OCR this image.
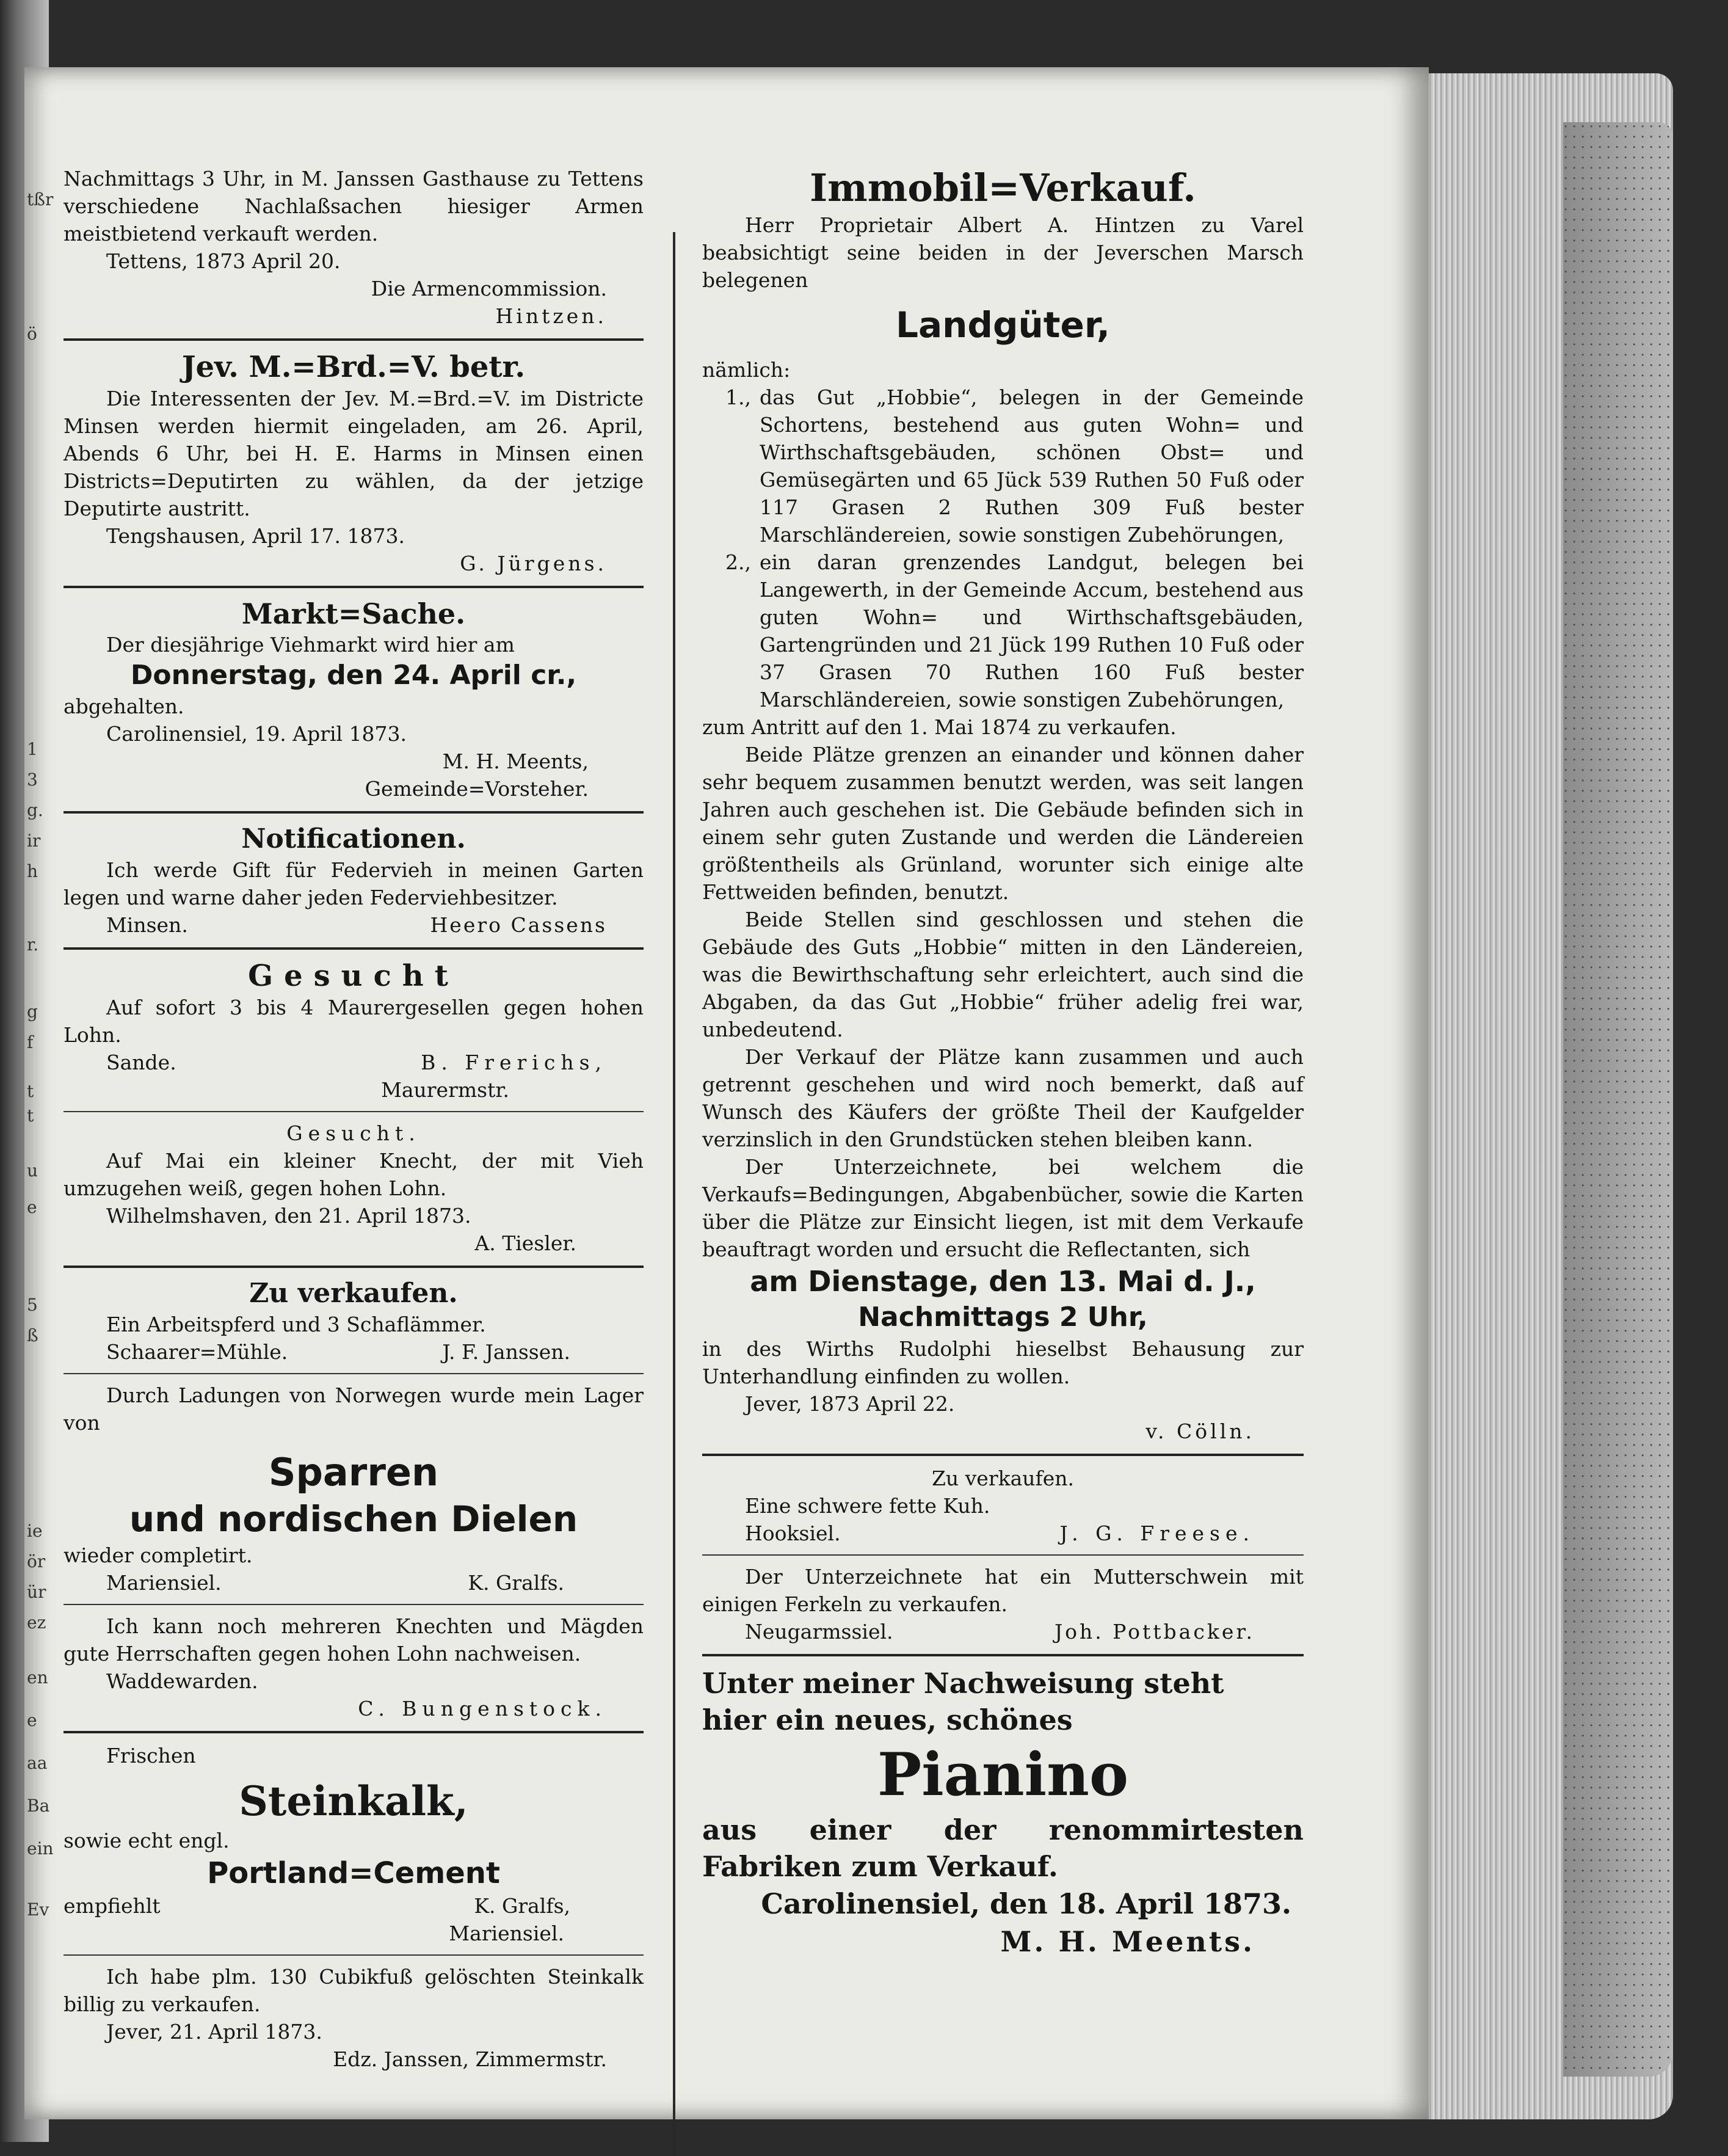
tßr
ö
1
3
g.
ir
h
r.
g
f
t
t
u
e
5
ß
ie
ör
ür
ez
en
e
aa
Ba
ein
Ev

Nachmittags 3 Uhr, in M. Janssen Gasthause zu Tettens verschiedene Nachlaßsachen hiesiger Armen meistbietend verkauft werden.

Tettens, 1873 April 20.

Die Armencommission.

Hintzen.

Jev. M.=Brd.=V. betr.

Die Interessenten der Jev. M.=Brd.=V. im Districte Minsen werden hiermit eingeladen, am 26. April, Abends 6 Uhr, bei H. E. Harms in Minsen einen Districts=Deputirten zu wählen, da der jetzige Deputirte austritt.

Tengshausen, April 17. 1873.

G. Jürgens.

Markt=Sache.

Der diesjährige Viehmarkt wird hier am

Donnerstag, den 24. April cr.,

abgehalten.

Carolinensiel, 19. April 1873.

M. H. Meents,

Gemeinde=Vorsteher.

Notificationen.

Ich werde Gift für Federvieh in meinen Garten legen und warne daher jeden Federviehbesitzer.

Minsen.	Heero Cassens

Gesucht

Auf sofort 3 bis 4 Maurergesellen gegen hohen Lohn.

Sande.	B. Frerichs,

Maurermstr.

Gesucht.

Auf Mai ein kleiner Knecht, der mit Vieh umzugehen weiß, gegen hohen Lohn.

Wilhelmshaven, den 21. April 1873.

A. Tiesler.

Zu verkaufen.

Ein Arbeitspferd und 3 Schaflämmer.

Schaarer=Mühle.	J. F. Janssen.

Durch Ladungen von Norwegen wurde mein Lager von

Sparren

und nordischen Dielen

wieder completirt.

Mariensiel.	K. Gralfs.

Ich kann noch mehreren Knechten und Mägden gute Herrschaften gegen hohen Lohn nachweisen.

Waddewarden.

C. Bungenstock.

Frischen

Steinkalk,

sowie echt engl.

Portland=Cement

empfiehlt	K. Gralfs,

Mariensiel.

Ich habe plm. 130 Cubikfuß gelöschten Steinkalk billig zu verkaufen.

Jever, 21. April 1873.

Edz. Janssen, Zimmermstr.

Immobil=Verkauf.

Herr Proprietair Albert A. Hintzen zu Varel beabsichtigt seine beiden in der Jeverschen Marsch belegenen

Landgüter,

nämlich:

1., das Gut „Hobbie“, belegen in der Gemeinde Schortens, bestehend aus guten Wohn= und Wirthschaftsgebäuden, schönen Obst= und Gemüsegärten und 65 Jück 539 Ruthen 50 Fuß oder 117 Grasen 2 Ruthen 309 Fuß bester Marschländereien, sowie sonstigen Zubehörungen,
2., ein daran grenzendes Landgut, belegen bei Langewerth, in der Gemeinde Accum, bestehend aus guten Wohn= und Wirthschaftsgebäuden, Gartengründen und 21 Jück 199 Ruthen 10 Fuß oder 37 Grasen 70 Ruthen 160 Fuß bester Marschländereien, sowie sonstigen Zubehörungen,

zum Antritt auf den 1. Mai 1874 zu verkaufen.

Beide Plätze grenzen an einander und können daher sehr bequem zusammen benutzt werden, was seit langen Jahren auch geschehen ist. Die Gebäude befinden sich in einem sehr guten Zustande und werden die Ländereien größtentheils als Grünland, worunter sich einige alte Fettweiden befinden, benutzt.

Beide Stellen sind geschlossen und stehen die Gebäude des Guts „Hobbie“ mitten in den Ländereien, was die Bewirthschaftung sehr erleichtert, auch sind die Abgaben, da das Gut „Hobbie“ früher adelig frei war, unbedeutend.

Der Verkauf der Plätze kann zusammen und auch getrennt geschehen und wird noch bemerkt, daß auf Wunsch des Käufers der größte Theil der Kaufgelder verzinslich in den Grundstücken stehen bleiben kann.

Der Unterzeichnete, bei welchem die Verkaufs=Bedingungen, Abgabenbücher, sowie die Karten über die Plätze zur Einsicht liegen, ist mit dem Verkaufe beauftragt worden und ersucht die Reflectanten, sich

am Dienstage, den 13. Mai d. J.,

Nachmittags 2 Uhr,

in des Wirths Rudolphi hieselbst Behausung zur Unterhandlung einfinden zu wollen.

Jever, 1873 April 22.

v. Cölln.

Zu verkaufen.

Eine schwere fette Kuh.

Hooksiel.	J. G. Freese.

Der Unterzeichnete hat ein Mutterschwein mit einigen Ferkeln zu verkaufen.

Neugarmssiel.	Joh. Pottbacker.

Unter meiner Nachweisung steht

hier ein neues, schönes

Pianino

aus einer der renommirtesten Fabriken zum Verkauf.

Carolinensiel, den 18. April 1873.

M. H. Meents.
